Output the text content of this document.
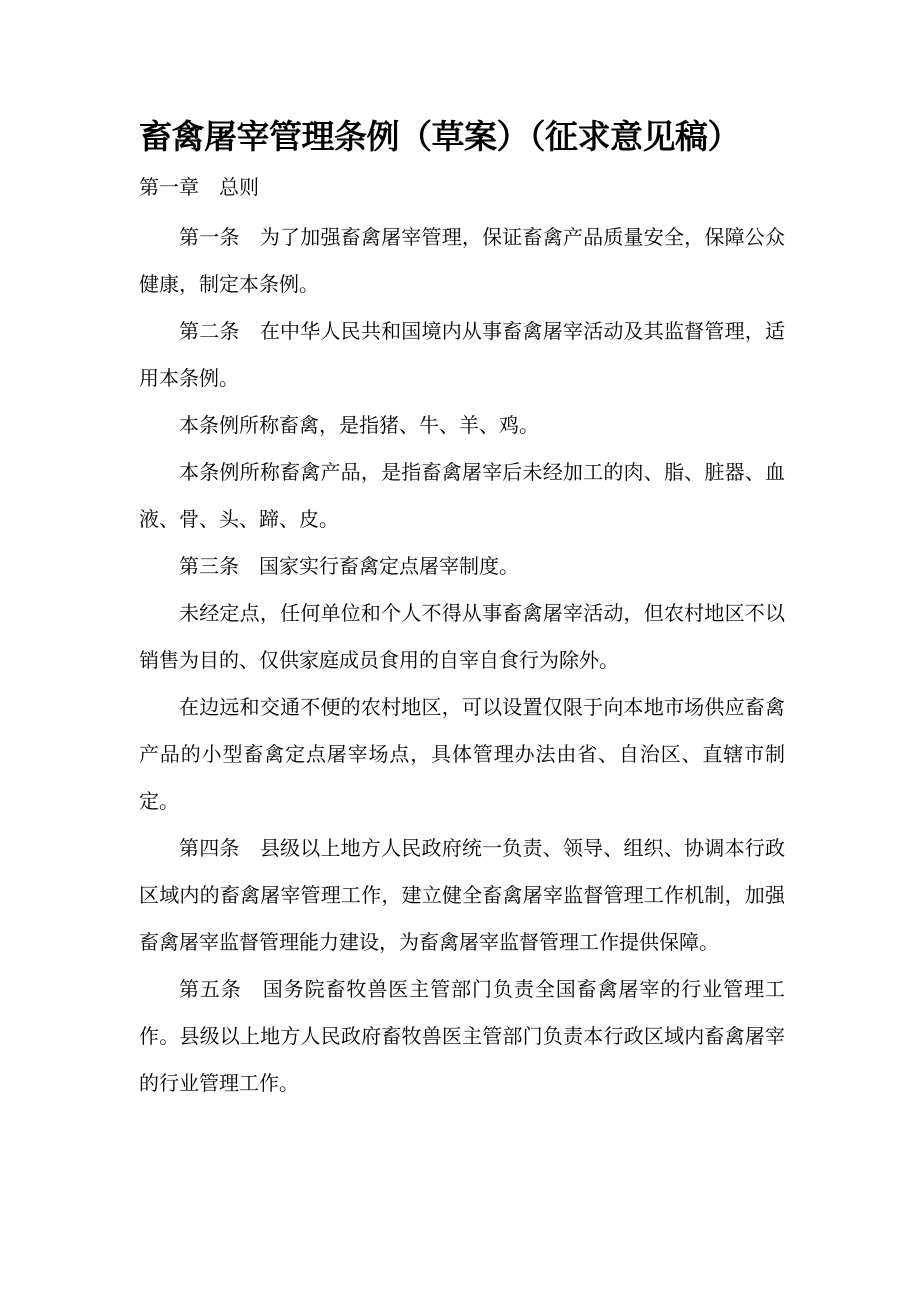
畜禽屠宰管理条例（草案）（征求意见稿）
第一章　总则

第一条　为了加强畜禽屠宰管理，保证畜禽产品质量安全，保障公众健康，制定本条例。

第二条　在中华人民共和国境内从事畜禽屠宰活动及其监督管理，适用本条例。

本条例所称畜禽，是指猪、牛、羊、鸡。

本条例所称畜禽产品，是指畜禽屠宰后未经加工的肉、脂、脏器、血液、骨、头、蹄、皮。

第三条　国家实行畜禽定点屠宰制度。

未经定点，任何单位和个人不得从事畜禽屠宰活动，但农村地区不以销售为目的、仅供家庭成员食用的自宰自食行为除外。

在边远和交通不便的农村地区，可以设置仅限于向本地市场供应畜禽产品的小型畜禽定点屠宰场点，具体管理办法由省、自治区、直辖市制定。

第四条　县级以上地方人民政府统一负责、领导、组织、协调本行政区域内的畜禽屠宰管理工作，建立健全畜禽屠宰监督管理工作机制，加强畜禽屠宰监督管理能力建设，为畜禽屠宰监督管理工作提供保障。

第五条　国务院畜牧兽医主管部门负责全国畜禽屠宰的行业管理工作。县级以上地方人民政府畜牧兽医主管部门负责本行政区域内畜禽屠宰的行业管理工作。
